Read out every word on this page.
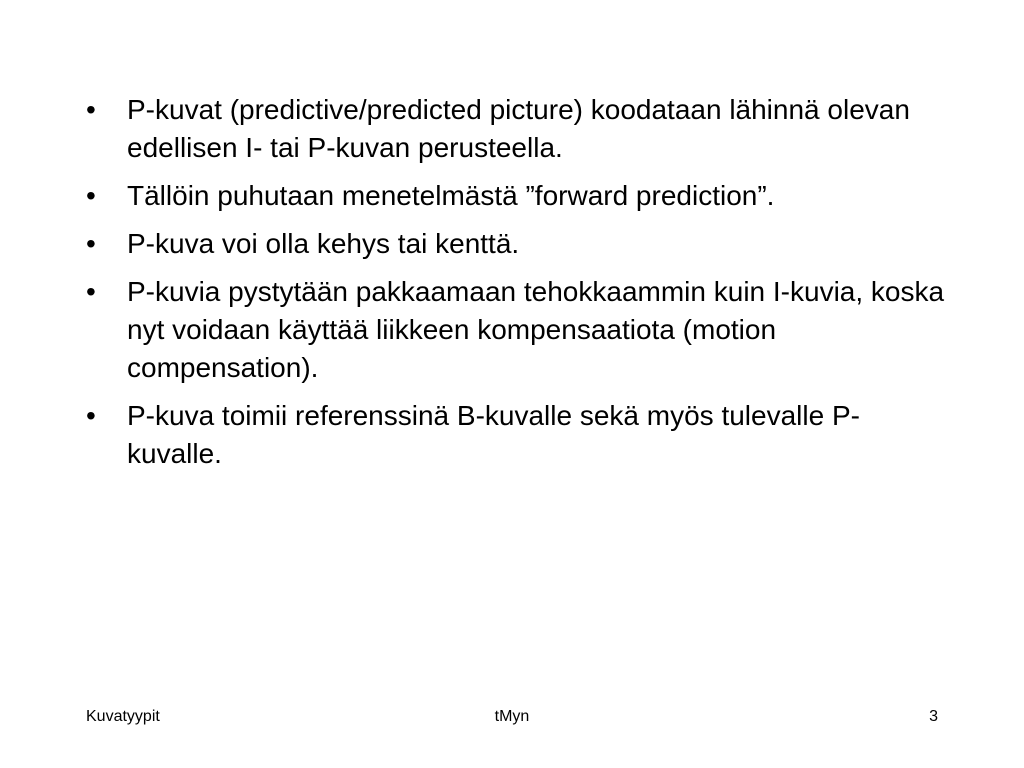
•
P-kuvat (predictive/predicted picture) koodataan lähinnä olevan edellisen I- tai P-kuvan perusteella.
•
Tällöin puhutaan menetelmästä ”forward prediction”.
•
P-kuva voi olla kehys tai kenttä.
•
P-kuvia pystytään pakkaamaan tehokkaammin kuin I-kuvia, koska nyt voidaan käyttää liikkeen kompensaatiota (motion compensation).
•
P-kuva toimii referenssinä B-kuvalle sekä myös tulevalle P-kuvalle.
Kuvatyypit	tMyn	3
